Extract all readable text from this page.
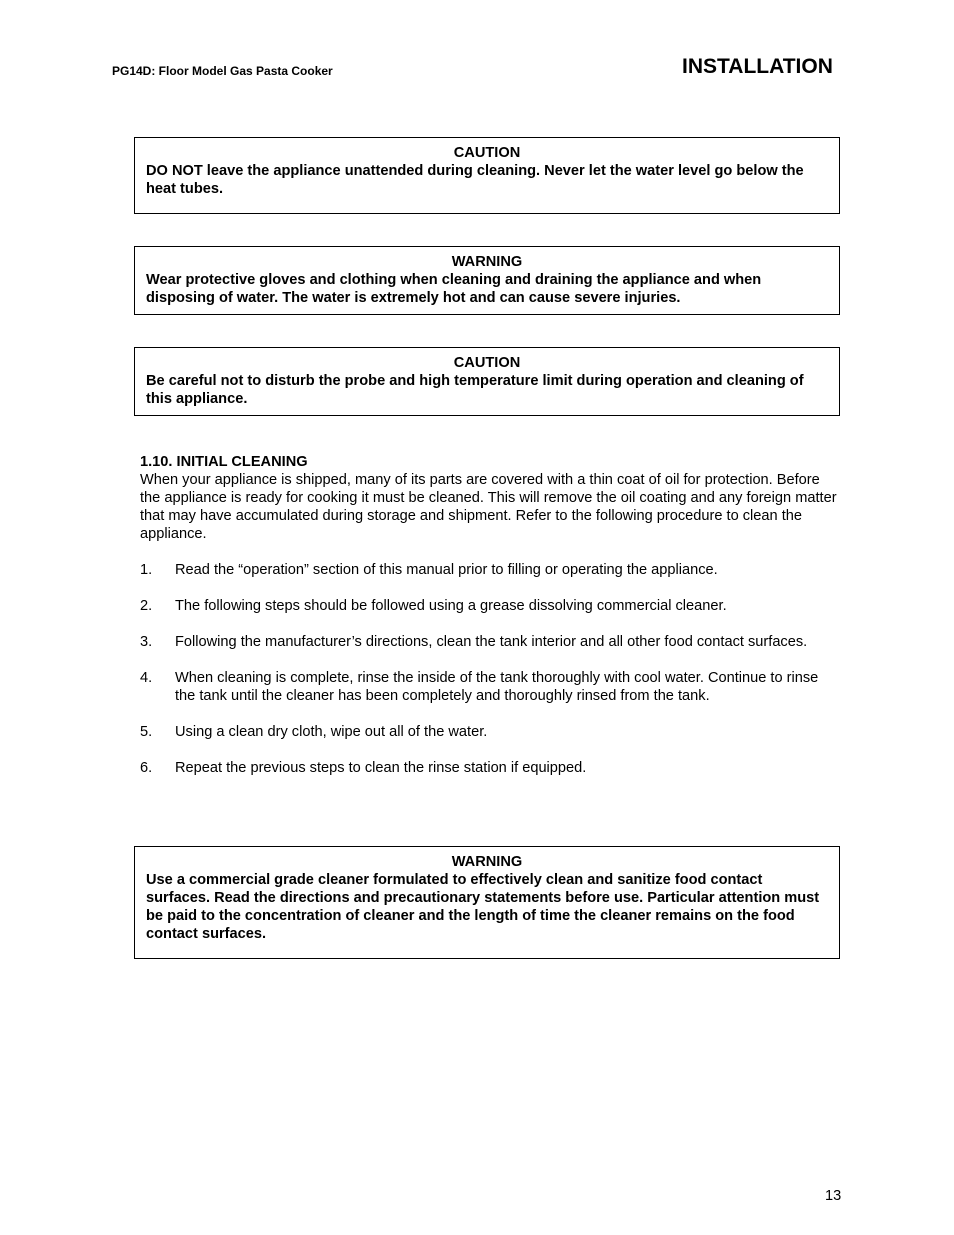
PG14D: Floor Model Gas Pasta Cooker	INSTALLATION
CAUTION
DO NOT leave the appliance unattended during cleaning. Never let the water level go below the heat tubes.
WARNING
Wear protective gloves and clothing when cleaning and draining the appliance and when disposing of water. The water is extremely hot and can cause severe injuries.
CAUTION
Be careful not to disturb the probe and high temperature limit during operation and cleaning of this appliance.
1.10. INITIAL CLEANING
When your appliance is shipped, many of its parts are covered with a thin coat of oil for protection. Before the appliance is ready for cooking it must be cleaned. This will remove the oil coating and any foreign matter that may have accumulated during storage and shipment. Refer to the following procedure to clean the appliance.
1. Read the “operation” section of this manual prior to filling or operating the appliance.
2. The following steps should be followed using a grease dissolving commercial cleaner.
3. Following the manufacturer’s directions, clean the tank interior and all other food contact surfaces.
4. When cleaning is complete, rinse the inside of the tank thoroughly with cool water. Continue to rinse the tank until the cleaner has been completely and thoroughly rinsed from the tank.
5. Using a clean dry cloth, wipe out all of the water.
6. Repeat the previous steps to clean the rinse station if equipped.
WARNING
Use a commercial grade cleaner formulated to effectively clean and sanitize food contact surfaces. Read the directions and precautionary statements before use. Particular attention must be paid to the concentration of cleaner and the length of time the cleaner remains on the food contact surfaces.
13
